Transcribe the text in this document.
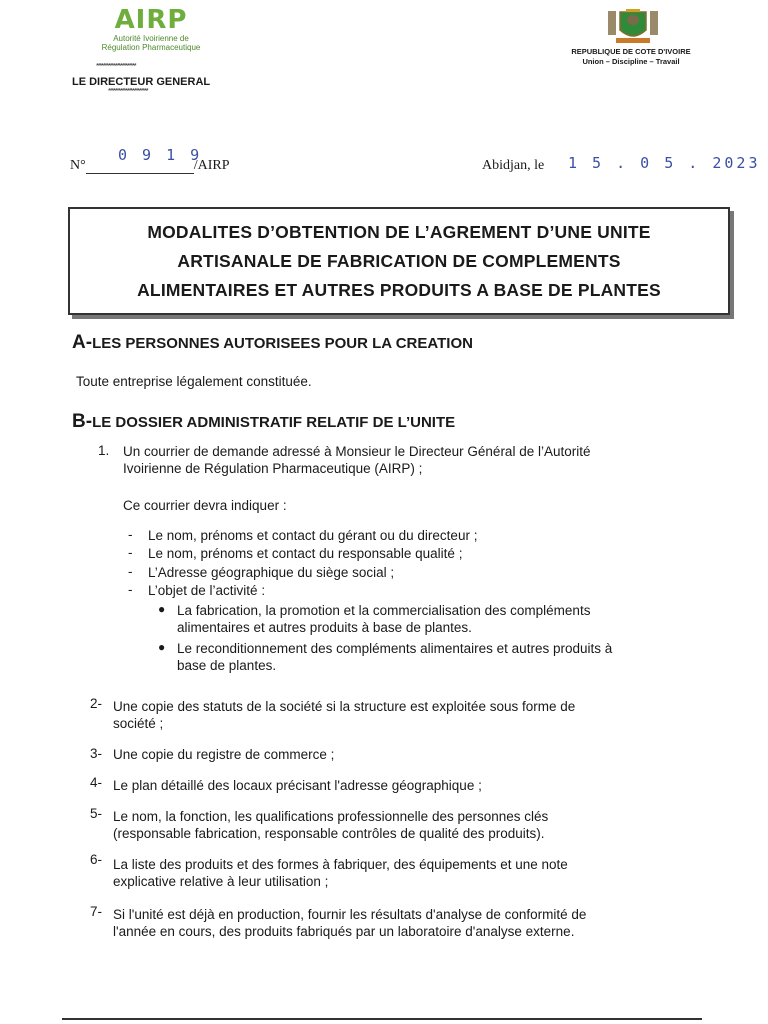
AIRP
Autorité Ivoirienne de
Régulation Pharmaceutique
***********************
LE DIRECTEUR GENERAL
***********************
REPUBLIQUE DE COTE D'IVOIRE
Union – Discipline – Travail
N°	/AIRP
0 9 1 9
Abidjan, le 1 5 . 0 5 . 2023
MODALITES D’OBTENTION DE L’AGREMENT D’UNE UNITE
ARTISANALE DE FABRICATION DE COMPLEMENTS
ALIMENTAIRES ET AUTRES PRODUITS A BASE DE PLANTES
A-LES PERSONNES AUTORISEES POUR LA CREATION
Toute entreprise légalement constituée.
B-LE DOSSIER ADMINISTRATIF RELATIF DE L’UNITE
1. Un courrier de demande adressé à Monsieur le Directeur Général de l’Autorité
Ivoirienne de Régulation Pharmaceutique (AIRP) ;
Ce courrier devra indiquer :
- Le nom, prénoms et contact du gérant ou du directeur ;
- Le nom, prénoms et contact du responsable qualité ;
- L’Adresse géographique du siège social ;
- L’objet de l’activité :
● La fabrication, la promotion et la commercialisation des compléments
alimentaires et autres produits à base de plantes.
● Le reconditionnement des compléments alimentaires et autres produits à
base de plantes.
2- Une copie des statuts de la société si la structure est exploitée sous forme de
société ;
3- Une copie du registre de commerce ;
4- Le plan détaillé des locaux précisant l'adresse géographique ;
5- Le nom, la fonction, les qualifications professionnelle des personnes clés
(responsable fabrication, responsable contrôles de qualité des produits).
6- La liste des produits et des formes à fabriquer, des équipements et une note
explicative relative à leur utilisation ;
7- Si l'unité est déjà en production, fournir les résultats d'analyse de conformité de
l'année en cours, des produits fabriqués par un laboratoire d'analyse externe.
